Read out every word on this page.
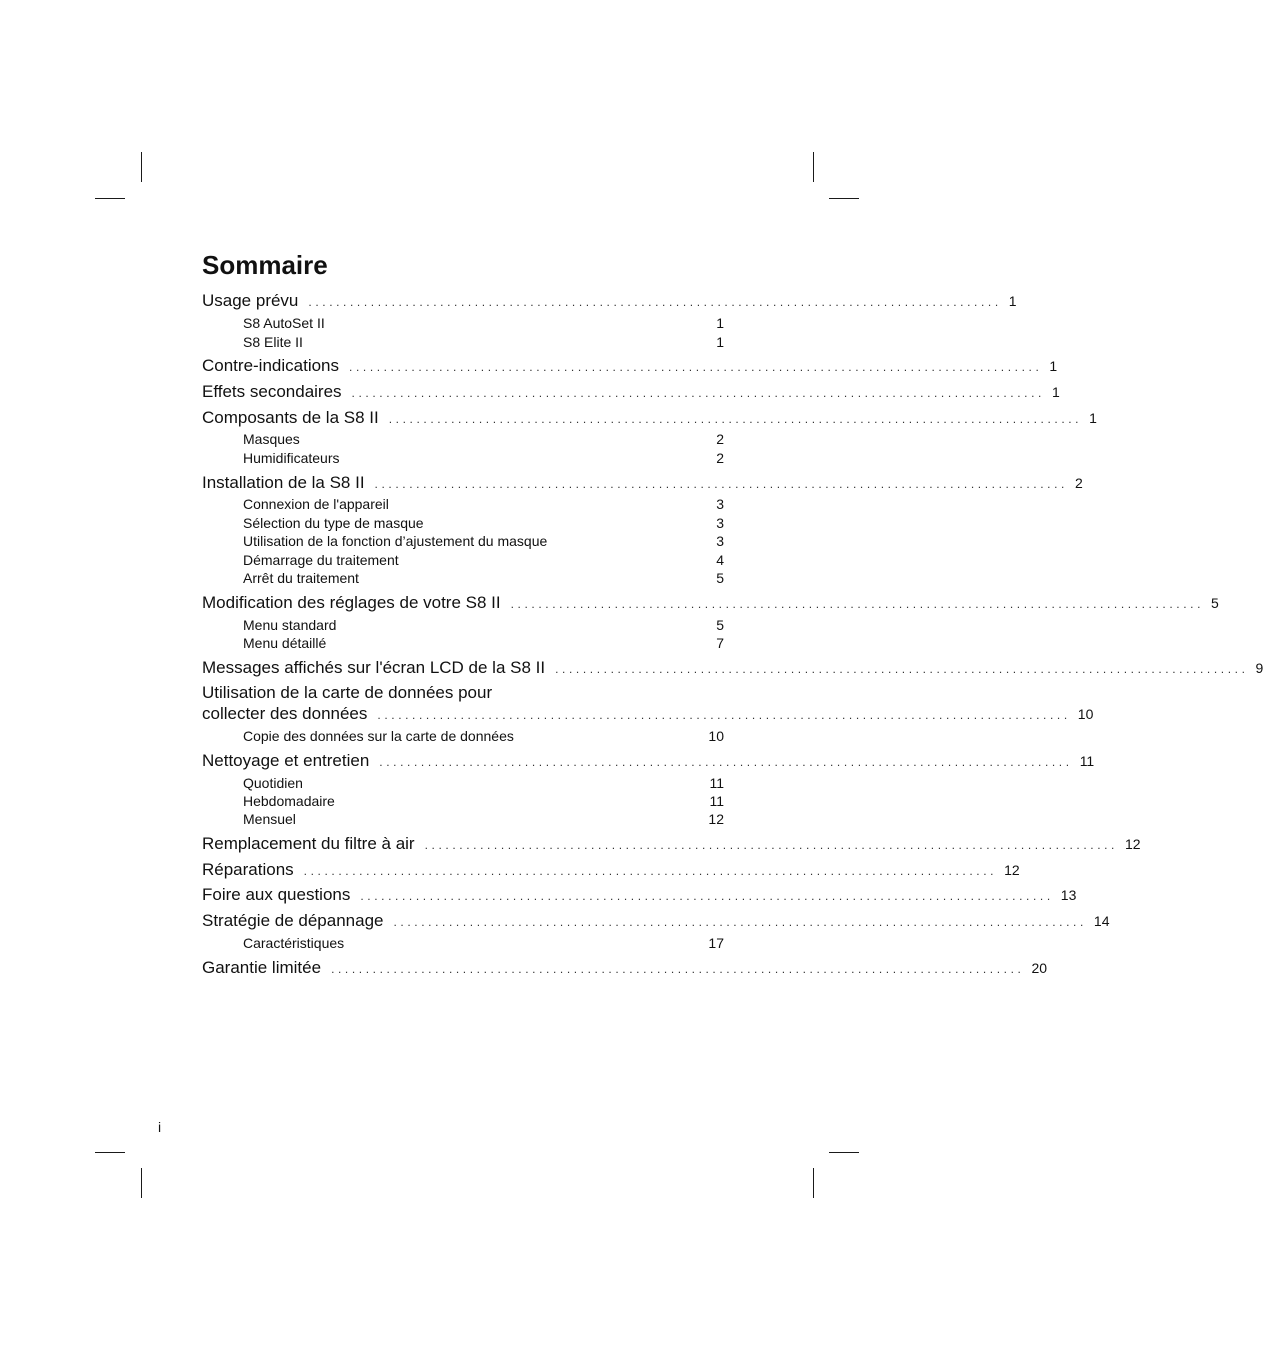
Sommaire
Usage prévu .................................................................................................... 1
S8 AutoSet II	1
S8 Elite II	1
Contre-indications .................................................................................................... 1
Effets secondaires .................................................................................................... 1
Composants de la S8 II .................................................................................................... 1
Masques	2
Humidificateurs	2
Installation de la S8 II .................................................................................................... 2
Connexion de l'appareil	3
Sélection du type de masque	3
Utilisation de la fonction d’ajustement du masque	3
Démarrage du traitement	4
Arrêt du traitement	5
Modification des réglages de votre S8 II .................................................................................................... 5
Menu standard	5
Menu détaillé	7
Messages affichés sur l'écran LCD de la S8 II .................................................................................................... 9
Utilisation de la carte de données pour
collecter des données .................................................................................................... 10
Copie des données sur la carte de données	10
Nettoyage et entretien .................................................................................................... 11
Quotidien	11
Hebdomadaire	11
Mensuel	12
Remplacement du filtre à air .................................................................................................... 12
Réparations .................................................................................................... 12
Foire aux questions .................................................................................................... 13
Stratégie de dépannage .................................................................................................... 14
Caractéristiques	17
Garantie limitée .................................................................................................... 20
i
